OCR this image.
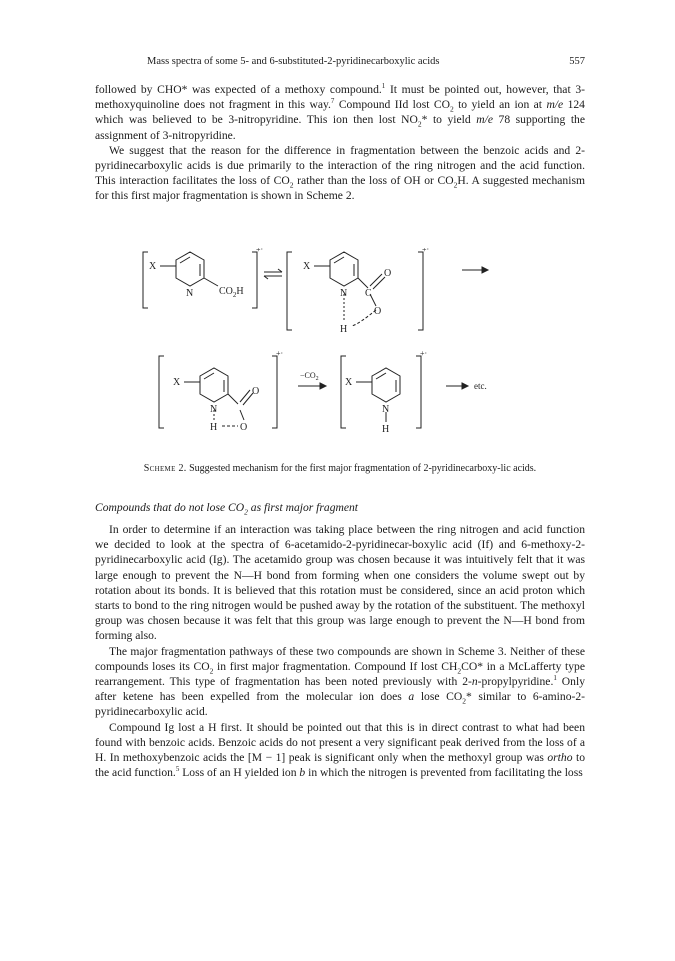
Mass spectra of some 5- and 6-substituted-2-pyridinecarboxylic acids	557

followed by CHO* was expected of a methoxy compound.$^1$ It must be pointed out, however, that 3-methoxyquinoline does not fragment in this way.$^7$ Compound IId lost $CO_2$ to yield an ion at m/e 124 which was believed to be 3-nitropyridine. This ion then lost $NO_2*$ to yield m/e 78 supporting the assignment of 3-nitropyridine.

We suggest that the reason for the difference in fragmentation between the benzoic acids and 2-pyridinecarboxylic acids is due primarily to the interaction of the ring nitrogen and the acid function. This interaction facilitates the loss of $CO_2$ rather than the loss of OH or $CO_2H$. A suggested mechanism for this first major fragmentation is shown in Scheme 2.

X
N	$CO_2H$
+·
X
N C
O
O
H
+·
X
N
O
H O
+·
$-CO_2$	X
N
H
+·
etc.
Scheme 2. Suggested mechanism for the first major fragmentation of 2-pyridinecarboxy-lic acids.
Compounds that do not lose $CO_2$ as first major fragment

In order to determine if an interaction was taking place between the ring nitrogen and acid function we decided to look at the spectra of 6-acetamido-2-pyridinecar-boxylic acid (If) and 6-methoxy-2-pyridinecarboxylic acid (Ig). The acetamido group was chosen because it was intuitively felt that it was large enough to prevent the N—H bond from forming when one considers the volume swept out by rotation about its bonds. It is believed that this rotation must be considered, since an acid proton which starts to bond to the ring nitrogen would be pushed away by the rotation of the substituent. The methoxyl group was chosen because it was felt that this group was large enough to prevent the N—H bond from forming also.

The major fragmentation pathways of these two compounds are shown in Scheme 3. Neither of these compounds loses its $CO_2$ in first major fragmentation. Compound If lost $CH_2CO*$ in a McLafferty type rearrangement. This type of fragmentation has been noted previously with 2-n-propylpyridine.$^1$ Only after ketene has been expelled from the molecular ion does a lose $CO_2*$ similar to 6-amino-2-pyridinecarboxylic acid.

Compound Ig lost a H first. It should be pointed out that this is in direct contrast to what had been found with benzoic acids. Benzoic acids do not present a very significant peak derived from the loss of a H. In methoxybenzoic acids the [M − 1] peak is significant only when the methoxyl group was ortho to the acid function.$^5$ Loss of an H yielded ion b in which the nitrogen is prevented from facilitating the loss
